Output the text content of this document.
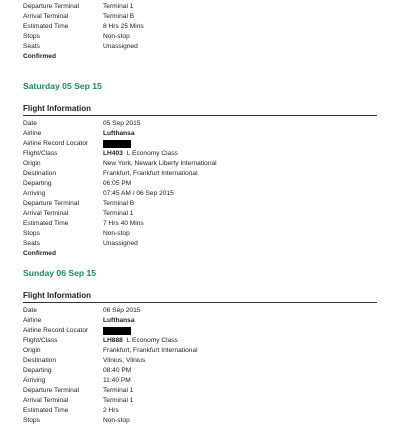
Departure Terminal	Terminal 1
Arrival Terminal	Terminal B
Estimated Time	8 Hrs 25 Mins
Stops	Non-stop
Seats	Unassigned
Confirmed
Saturday 05 Sep 15
Flight Information
Date	05 Sep 2015
Airline	Lufthansa
Airline Record Locator
Flight/Class	LH403 L Economy Class
Origin	New York, Newark Liberty International
Destination	Frankfurt, Frankfurt International
Departing	06:05 PM
Arriving	07:45 AM / 06 Sep 2015
Departure Terminal	Terminal B
Arrival Terminal	Terminal 1
Estimated Time	7 Hrs 40 Mins
Stops	Non-stop
Seats	Unassigned
Confirmed
Sunday 06 Sep 15
Flight Information
Date	06 Sep 2015
Airline	Lufthansa
Airline Record Locator
Flight/Class	LH888 L Economy Class
Origin	Frankfurt, Frankfurt International
Destination	Vilnius, Vilnius
Departing	08:40 PM
Arriving	11:40 PM
Departure Terminal	Terminal 1
Arrival Terminal	Terminal 1
Estimated Time	2 Hrs
Stops	Non-stop
